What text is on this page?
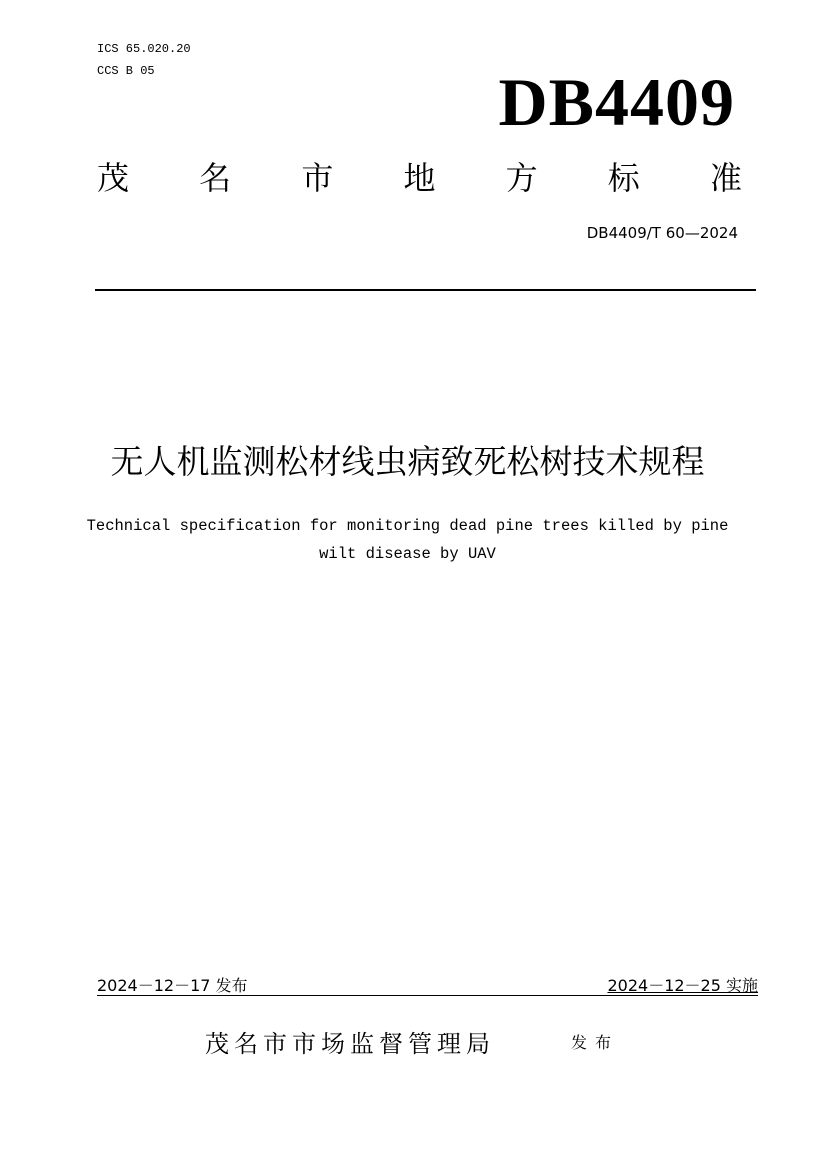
ICS 65.020.20
CCS B 05	DB4409
茂 名 市 地 方 标 准
DB4409/T 60—2024
无人机监测松材线虫病致死松树技术规程
Technical specification for monitoring dead pine trees killed by pine
wilt disease by UAV
2024－12－17 发布	2024－12－25 实施
茂名市市场监督管理局	发布
